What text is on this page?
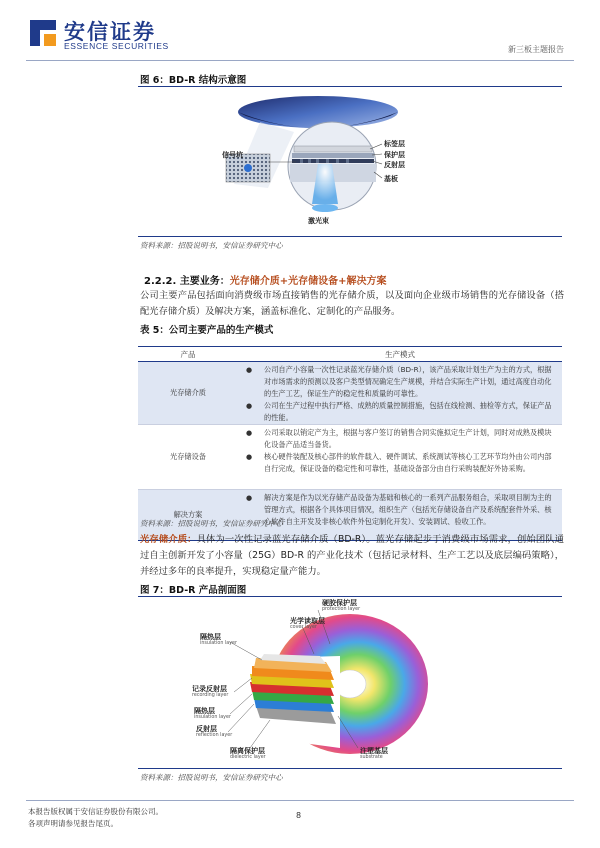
安信证券
ESSENCE SECURITIES	新三板主题报告
图 6：BD-R 结构示意图
信号坑
标签层
保护层
反射层
基板
激光束
资料来源：招股说明书，安信证券研究中心
2.2.2. 主要业务：光存储介质+光存储设备+解决方案
公司主要产品包括面向消费级市场直接销售的光存储介质，以及面向企业级市场销售的光存储设备（搭配光存储介质）及解决方案，涵盖标准化、定制化的产品服务。
表 5：公司主要产品的生产模式
产品	生产模式
光存储介质
●	公司自产小容量一次性记录蓝光存储介质（BD-R），该产品采取计划生产为主的方式，根据对市场需求的预测以及客户类型情况确定生产规模，并结合实际生产计划，通过高度自动化的生产工艺，保证生产的稳定性和质量的可靠性。
●	公司在生产过程中执行严格、成熟的质量控制措施，包括在线检测、抽检等方式，保证产品的性能。
光存储设备
●	公司采取以销定产为主，根据与客户签订的销售合同实施拟定生产计划，同时对成熟及模块化设备产品适当备货。
●	核心硬件装配及核心部件的软件载入、硬件调试、系统测试等核心工艺环节均外由公司内部自行完成，保证设备的稳定性和可靠性，基础设备部分由自行采购装配好外协采购。
解决方案
●	解决方案是作为以光存储产品设备为基础和核心的一系列产品服务组合，采取项目制为主的管理方式，根据各个具体项目情况，组织生产（包括光存储设备自产及系统配套件外采、核心软件自主开发及非核心软件外包定制化开发）、安装调试、验收工作。
资料来源：招股说明书，安信证券研究中心
光存储介质：具体为一次性记录蓝光存储介质（BD-R）。蓝光存储起步于消费级市场需求，创始团队通过自主创新开发了小容量（25G）BD-R 的产业化技术（包括记录材料、生产工艺以及底层编码策略），并经过多年的良率提升，实现稳定量产能力。
图 7：BD-R 产品剖面图
硬胶保护层
protection layer
光学读取层
cover layer
隔热层
insulation layer
记录反射层
recording layer
隔热层
insulation layer
反射层
reflection layer
隔离保护层
dielectric layer
注塑基层
substrate
资料来源：招股说明书，安信证券研究中心
本报告版权属于安信证券股份有限公司。
各项声明请参见报告尾页。
8
